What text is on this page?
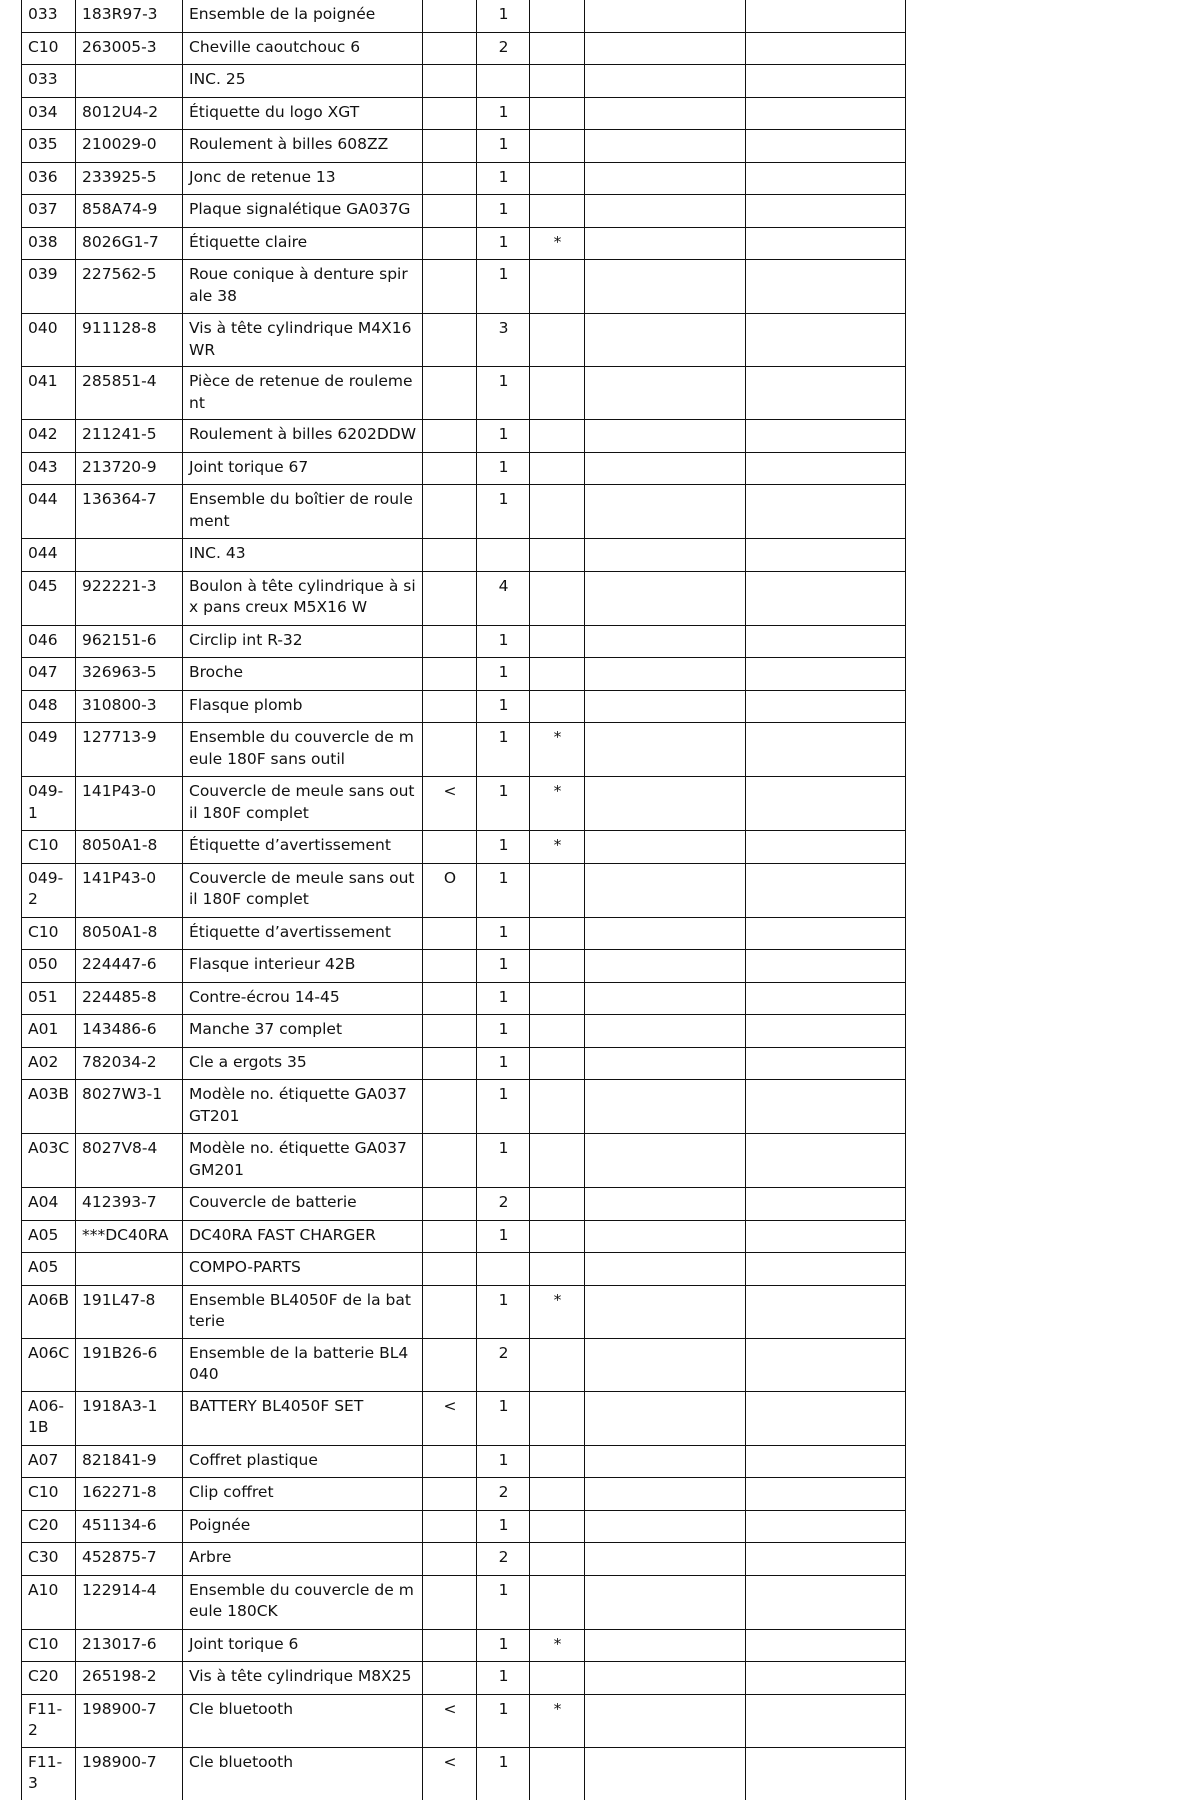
033	183R97-3	Ensemble de la poignée		1			
C10	263005-3	Cheville caoutchouc 6		2			
033		INC. 25					
034	8012U4-2	Étiquette du logo XGT		1			
035	210029-0	Roulement à billes 608ZZ		1			
036	233925-5	Jonc de retenue 13		1			
037	858A74-9	Plaque signalétique GA037G		1			
038	8026G1-7	Étiquette claire		1	*		
039	227562-5	Roue conique à denture spirale 38		1			
040	911128-8	Vis à tête cylindrique M4X16 WR		3			
041	285851-4	Pièce de retenue de roulement		1			
042	211241-5	Roulement à billes 6202DDW		1			
043	213720-9	Joint torique 67		1			
044	136364-7	Ensemble du boîtier de roulement		1			
044		INC. 43					
045	922221-3	Boulon à tête cylindrique à six pans creux M5X16 W		4			
046	962151-6	Circlip int R-32		1			
047	326963-5	Broche		1			
048	310800-3	Flasque plomb		1			
049	127713-9	Ensemble du couvercle de meule 180F sans outil		1	*		
049-1	141P43-0	Couvercle de meule sans outil 180F complet	<	1	*		
C10	8050A1-8	Étiquette d’avertissement		1	*		
049-2	141P43-0	Couvercle de meule sans outil 180F complet	O	1			
C10	8050A1-8	Étiquette d’avertissement		1			
050	224447-6	Flasque interieur 42B		1			
051	224485-8	Contre-écrou 14-45		1			
A01	143486-6	Manche 37 complet		1			
A02	782034-2	Cle a ergots 35		1			
A03B	8027W3-1	Modèle no. étiquette GA037GT201		1			
A03C	8027V8-4	Modèle no. étiquette GA037GM201		1			
A04	412393-7	Couvercle de batterie		2			
A05	***DC40RA	DC40RA FAST CHARGER		1			
A05		COMPO-PARTS					
A06B	191L47-8	Ensemble BL4050F de la batterie		1	*		
A06C	191B26-6	Ensemble de la batterie BL4040		2			
A06-1B	1918A3-1	BATTERY BL4050F SET	<	1			
A07	821841-9	Coffret plastique		1			
C10	162271-8	Clip coffret		2			
C20	451134-6	Poignée		1			
C30	452875-7	Arbre		2			
A10	122914-4	Ensemble du couvercle de meule 180CK		1			
C10	213017-6	Joint torique 6		1	*		
C20	265198-2	Vis à tête cylindrique M8X25		1			
F11-2	198900-7	Cle bluetooth	<	1	*		
F11-3	198900-7	Cle bluetooth	<	1			
